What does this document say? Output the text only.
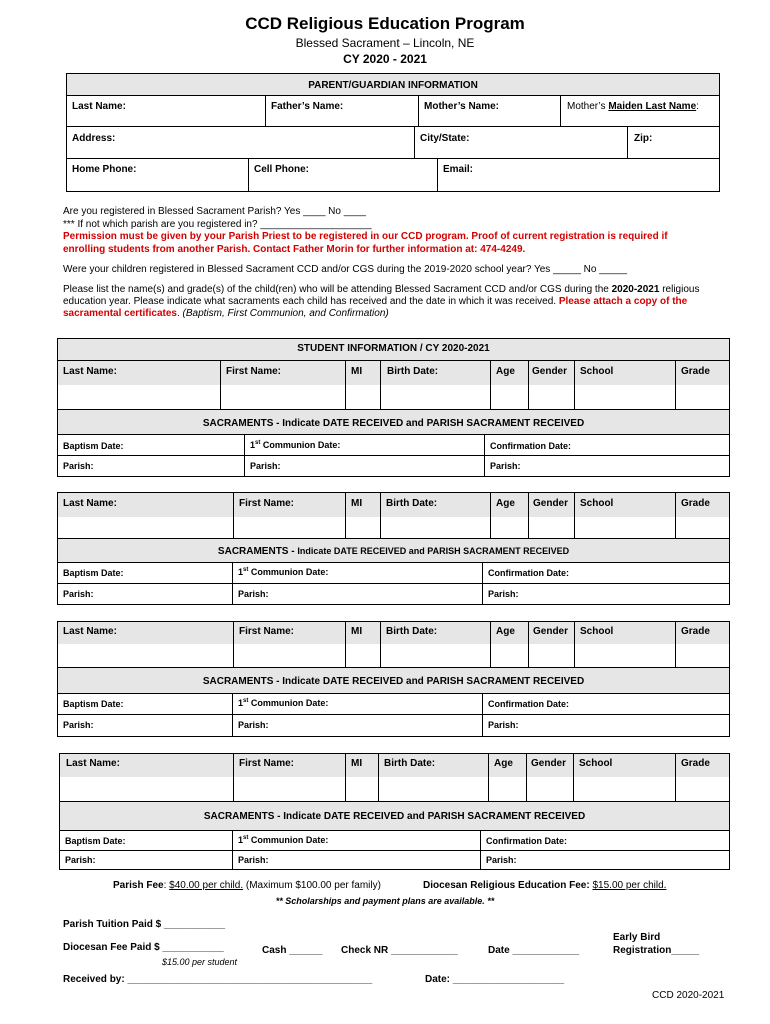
CCD Religious Education Program
Blessed Sacrament – Lincoln, NE
CY 2020 - 2021
PARENT/GUARDIAN INFORMATION
Last Name:	Father’s Name:	Mother’s Name:	Mother’s Maiden Last Name:
Address:	City/State:	Zip:
Home Phone:	Cell Phone:	Email:
Are you registered in Blessed Sacrament Parish? Yes ____ No ____
*** If not which parish are you registered in? ____________________
Permission must be given by your Parish Priest to be registered in our CCD program. Proof of current registration is required if
enrolling students from another Parish. Contact Father Morin for further information at: 474-4249.
Were your children registered in Blessed Sacrament CCD and/or CGS during the 2019-2020 school year? Yes _____ No _____
Please list the name(s) and grade(s) of the child(ren) who will be attending Blessed Sacrament CCD and/or CGS during the 2020-2021 religious
education year. Please indicate what sacraments each child has received and the date in which it was received. Please attach a copy of the
sacramental certificates. (Baptism, First Communion, and Confirmation)
STUDENT INFORMATION / CY 2020-2021
Last Name:	First Name:	MI Birth Date:	Age Gender School	Grade
SACRAMENTS - Indicate DATE RECEIVED and PARISH SACRAMENT RECEIVED
Baptism Date:	1st Communion Date:	Confirmation Date:
Parish:	Parish:	Parish:
Last Name:	First Name:	MI Birth Date:	Age Gender School	Grade
SACRAMENTS - Indicate DATE RECEIVED and PARISH SACRAMENT RECEIVED
Baptism Date:	1st Communion Date:	Confirmation Date:
Parish:	Parish:	Parish:
Last Name:	First Name:	MI Birth Date:	Age Gender School	Grade
SACRAMENTS - Indicate DATE RECEIVED and PARISH SACRAMENT RECEIVED
Baptism Date:	1st Communion Date:	Confirmation Date:
Parish:	Parish:	Parish:
Last Name:	First Name:	MI Birth Date:	Age Gender School	Grade
SACRAMENTS - Indicate DATE RECEIVED and PARISH SACRAMENT RECEIVED
Baptism Date:	1st Communion Date:	Confirmation Date:
Parish:	Parish:	Parish:
Parish Fee: $40.00 per child. (Maximum $100.00 per family)	Diocesan Religious Education Fee: $15.00 per child.
** Scholarships and payment plans are available. **
Parish Tuition Paid $ ___________
Diocesan Fee Paid $ ___________
$15.00 per student
Cash ______ Check NR ____________	Date ____________
Early Bird
Registration_____
Received by: ____________________________________________	Date: ____________________
CCD 2020-2021
